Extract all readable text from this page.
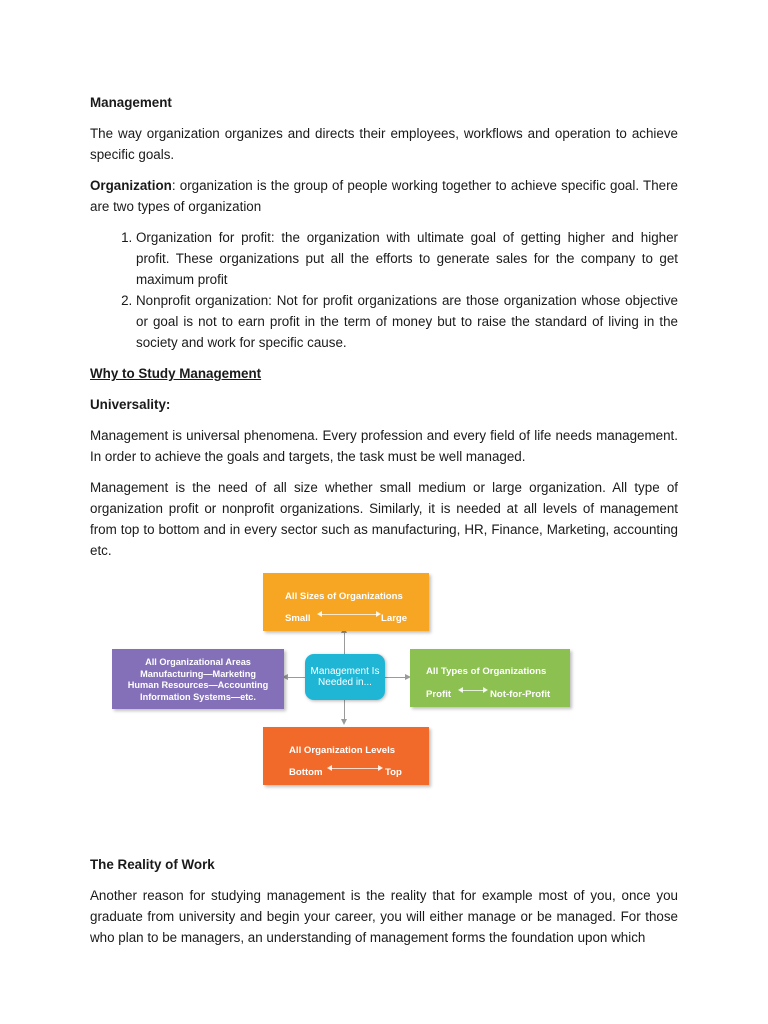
Management

The way organization organizes and directs their employees, workflows and operation to achieve specific goals.

Organization: organization is the group of people working together to achieve specific goal. There are two types of organization

1. Organization for profit: the organization with ultimate goal of getting higher and higher profit. These organizations put all the efforts to generate sales for the company to get maximum profit
2. Nonprofit organization: Not for profit organizations are those organization whose objective or goal is not to earn profit in the term of money but to raise the standard of living in the society and work for specific cause.

Why to Study Management

Universality:

Management is universal phenomena. Every profession and every field of life needs management. In order to achieve the goals and targets, the task must be well managed.

Management is the need of all size whether small medium or large organization. All type of organization profit or nonprofit organizations. Similarly, it is needed at all levels of management from top to bottom and in every sector such as manufacturing, HR, Finance, Marketing, accounting etc.

All Sizes of Organizations
Small	Large
All Organizational Areas
Manufacturing—Marketing
Human Resources—Accounting
Information Systems—etc.
Management Is Needed in...
All Types of Organizations
Profit	Not-for-Profit
All Organization Levels
Bottom	Top

The Reality of Work

Another reason for studying management is the reality that for example most of you, once you graduate from university and begin your career, you will either manage or be managed. For those who plan to be managers, an understanding of management forms the foundation upon which
